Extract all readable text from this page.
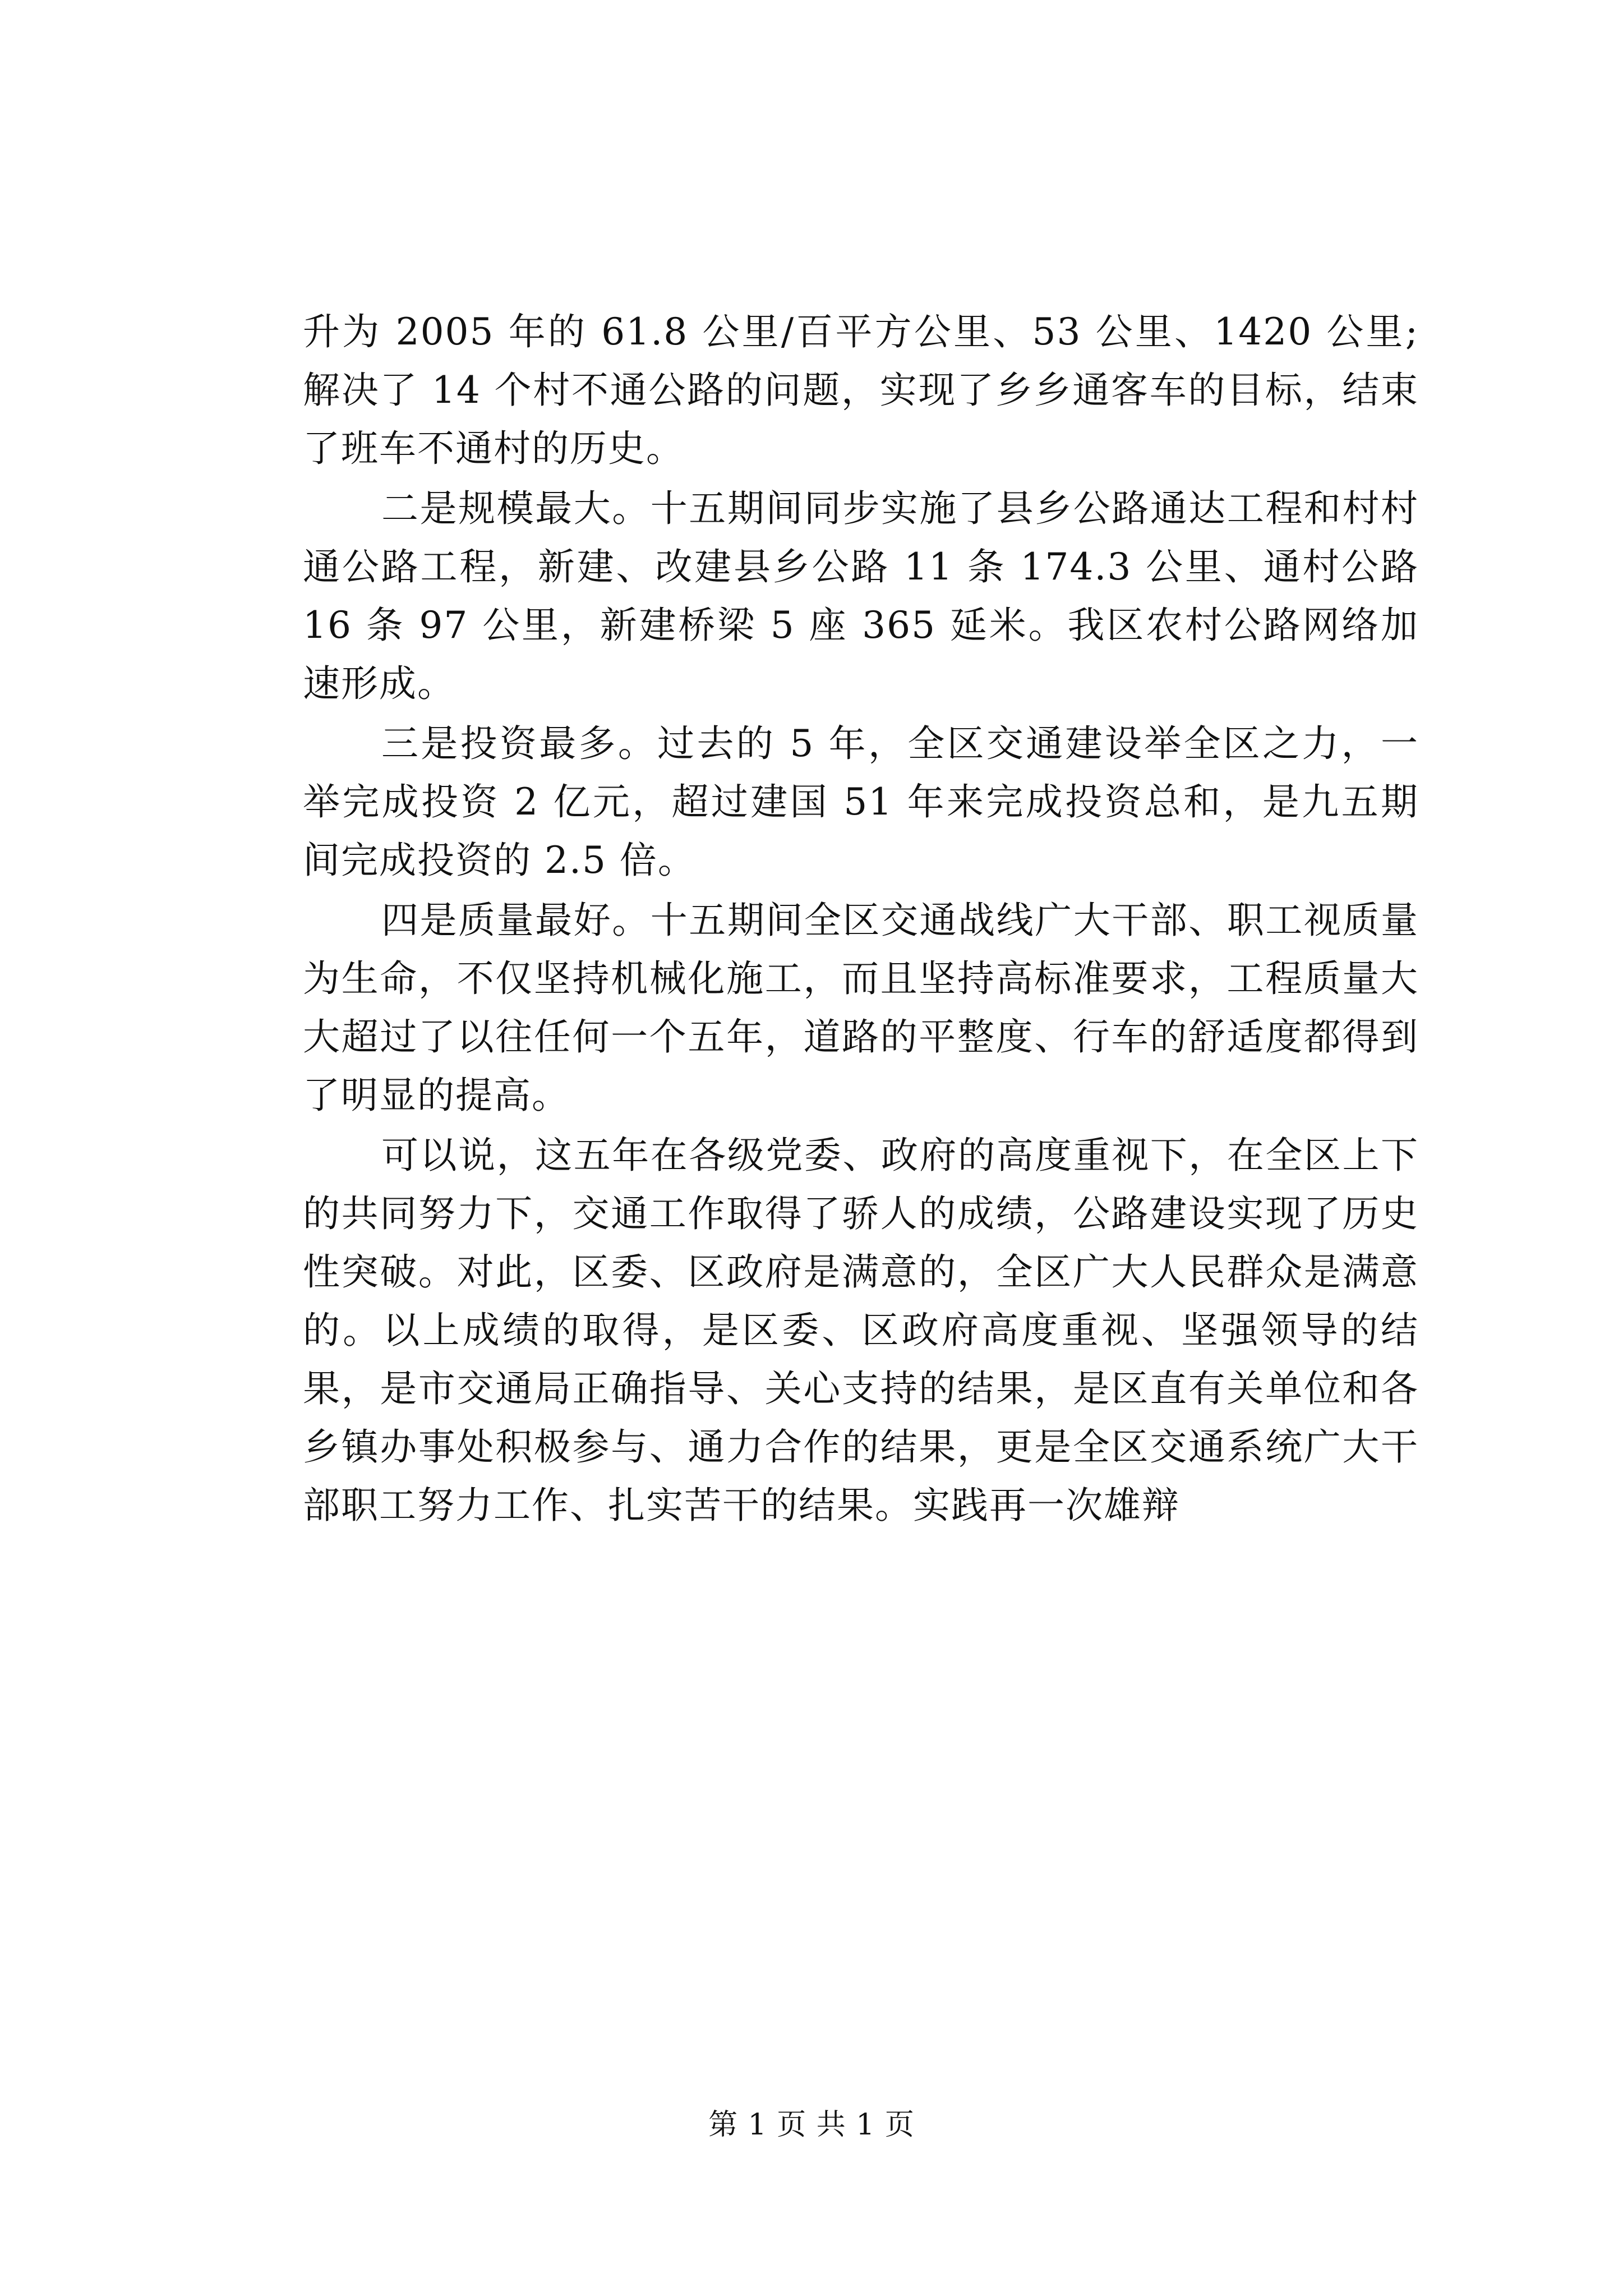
升为 2005 年的 61.8 公里/百平方公里、53 公里、1420 公里;解决了 14 个村不通公路的问题，实现了乡乡通客车的目标，结束了班车不通村的历史。

二是规模最大。十五期间同步实施了县乡公路通达工程和村村通公路工程，新建、改建县乡公路 11 条 174.3 公里、通村公路 16 条 97 公里，新建桥梁 5 座 365 延米。我区农村公路网络加速形成。

三是投资最多。过去的 5 年，全区交通建设举全区之力，一举完成投资 2 亿元，超过建国 51 年来完成投资总和，是九五期间完成投资的 2.5 倍。

四是质量最好。十五期间全区交通战线广大干部、职工视质量为生命，不仅坚持机械化施工，而且坚持高标准要求，工程质量大大超过了以往任何一个五年，道路的平整度、行车的舒适度都得到了明显的提高。

可以说，这五年在各级党委、政府的高度重视下，在全区上下的共同努力下，交通工作取得了骄人的成绩，公路建设实现了历史性突破。对此，区委、区政府是满意的，全区广大人民群众是满意的。以上成绩的取得，是区委、区政府高度重视、坚强领导的结果，是市交通局正确指导、关心支持的结果，是区直有关单位和各乡镇办事处积极参与、通力合作的结果，更是全区交通系统广大干部职工努力工作、扎实苦干的结果。实践再一次雄辩

第 1 页 共 1 页
